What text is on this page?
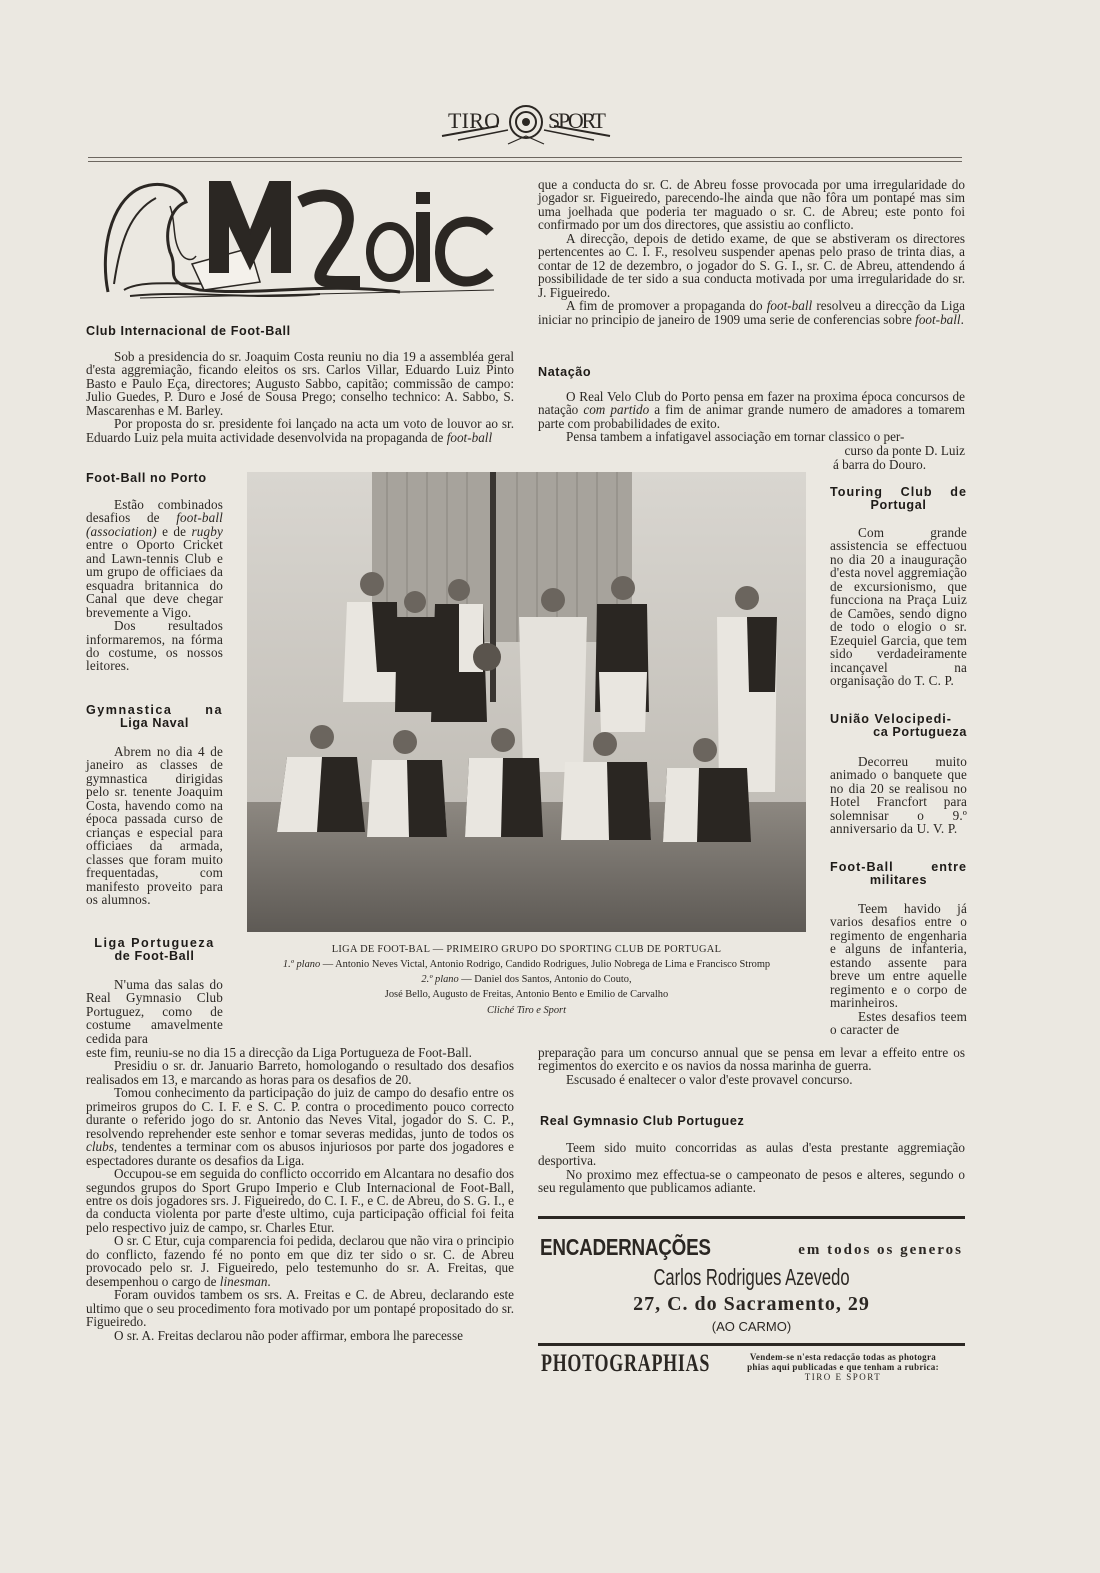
TIRO SPORT
Club Internacional de Foot-Ball

Sob a presidencia do sr. Joaquim Costa reuniu no dia 19 a assembléa geral d'esta aggremiação, ficando eleitos os srs. Carlos Villar, Eduardo Luiz Pinto Basto e Paulo Eça, directores; Augusto Sabbo, capitão; commissão de campo: Julio Guedes, P. Duro e José de Sousa Prego; conselho technico: A. Sabbo, S. Mascarenhas e M. Barley.

Por proposta do sr. presidente foi lançado na acta um voto de louvor ao sr. Eduardo Luiz pela muita actividade desenvolvida na propaganda de foot-ball

Foot-Ball no Porto

Estão combinados desafios de foot-ball (association) e de rugby entre o Oporto Cricket and Lawn-tennis Club e um grupo de officiaes da esquadra britannica do Canal que deve chegar brevemente a Vigo.

Dos resultados informaremos, na fórma do costume, os nossos leitores.

Gymnastica na
Liga Naval

Abrem no dia 4 de janeiro as classes de gymnastica dirigidas pelo sr. tenente Joaquim Costa, havendo como na época passada curso de crianças e especial para officiaes da armada, classes que foram muito frequentadas, com manifesto proveito para os alumnos.

Liga Portugueza
de Foot-Ball

N'uma das salas do Real Gymnasio Club Portuguez, como de costume amavelmente cedida para

este fim, reuniu-se no dia 15 a direcção da Liga Portugueza de Foot-Ball.

Presidiu o sr. dr. Januario Barreto, homologando o resultado dos desafios realisados em 13, e marcando as horas para os desafios de 20.

Tomou conhecimento da participação do juiz de campo do desafio entre os primeiros grupos do C. I. F. e S. C. P. contra o procedimento pouco correcto durante o referido jogo do sr. Antonio das Neves Vital, jogador do S. C. P., resolvendo reprehender este senhor e tomar severas medidas, junto de todos os clubs, tendentes a terminar com os abusos injuriosos por parte dos jogadores e espectadores durante os desafios da Liga.

Occupou-se em seguida do conflicto occorrido em Alcantara no desafio dos segundos grupos do Sport Grupo Imperio e Club Internacional de Foot-Ball, entre os dois jogadores srs. J. Figueiredo, do C. I. F., e C. de Abreu, do S. G. I., e da conducta violenta por parte d'este ultimo, cuja participação official foi feita pelo respectivo juiz de campo, sr. Charles Etur.

O sr. C Etur, cuja comparencia foi pedida, declarou que não vira o principio do conflicto, fazendo fé no ponto em que diz ter sido o sr. C. de Abreu provocado pelo sr. J. Figueiredo, pelo testemunho do sr. A. Freitas, que desempenhou o cargo de linesman.

Foram ouvidos tambem os srs. A. Freitas e C. de Abreu, declarando este ultimo que o seu procedimento fora motivado por um pontapé propositado do sr. Figueiredo.

O sr. A. Freitas declarou não poder affirmar, embora lhe parecesse

que a conducta do sr. C. de Abreu fosse provocada por uma irregularidade do jogador sr. Figueiredo, parecendo-lhe ainda que não fôra um pontapé mas sim uma joelhada que poderia ter maguado o sr. C. de Abreu; este ponto foi confirmado por um dos directores, que assistiu ao conflicto.

A direcção, depois de detido exame, de que se abstiveram os directores pertencentes ao C. I. F., resolveu suspender apenas pelo praso de trinta dias, a contar de 12 de dezembro, o jogador do S. G. I., sr. C. de Abreu, attendendo á possibilidade de ter sido a sua conducta motivada por uma irregularidade do sr. J. Figueiredo.

A fim de promover a propaganda do foot-ball resolveu a direcção da Liga iniciar no principio de janeiro de 1909 uma serie de conferencias sobre foot-ball.

Natação

O Real Velo Club do Porto pensa em fazer na proxima época concursos de natação com partido a fim de animar grande numero de amadores a tomarem parte com probabilidades de exito.

Pensa tambem a infatigavel associação em tornar classico o per-

curso da ponte D. Luiz
á barra do Douro.
LIGA DE FOOT-BAL — PRIMEIRO GRUPO DO SPORTING CLUB DE PORTUGAL
1.º plano — Antonio Neves Victal, Antonio Rodrigo, Candido Rodrigues, Julio Nobrega de Lima e Francisco Stromp
2.º plano — Daniel dos Santos, Antonio do Couto,
José Bello, Augusto de Freitas, Antonio Bento e Emilio de Carvalho
Cliché Tiro e Sport
Touring Club de
Portugal

Com grande assistencia se effectuou no dia 20 a inauguração d'esta novel aggremiação de excursionismo, que funcciona na Praça Luiz de Camões, sendo digno de todo o elogio o sr. Ezequiel Garcia, que tem sido verdadeiramente incançavel na organisação do T. C. P.

União Velocipedi-
ca Portugueza

Decorreu muito animado o banquete que no dia 20 se realisou no Hotel Francfort para solemnisar o 9.º anniversario da U. V. P.

Foot-Ball entre
militares

Teem havido já varios desafios entre o regimento de engenharia e alguns de infanteria, estando assente para breve um entre aquelle regimento e o corpo de marinheiros.

Estes desafios teem o caracter de

preparação para um concurso annual que se pensa em levar a effeito entre os regimentos do exercito e os navios da nossa marinha de guerra.

Escusado é enaltecer o valor d'este provavel concurso.

Real Gymnasio Club Portuguez

Teem sido muito concorridas as aulas d'esta prestante aggremiação desportiva.

No proximo mez effectua-se o campeonato de pesos e alteres, segundo o seu regulamento que publicamos adiante.

ENCADERNAÇÕES	em todos os generos
Carlos Rodrigues Azevedo
27, C. do Sacramento, 29
(AO CARMO)
PHOTOGRAPHIAS	Vendem-se n'esta redacção todas as photogra
phias aqui publicadas e que tenham a rubrica:
TIRO E SPORT
